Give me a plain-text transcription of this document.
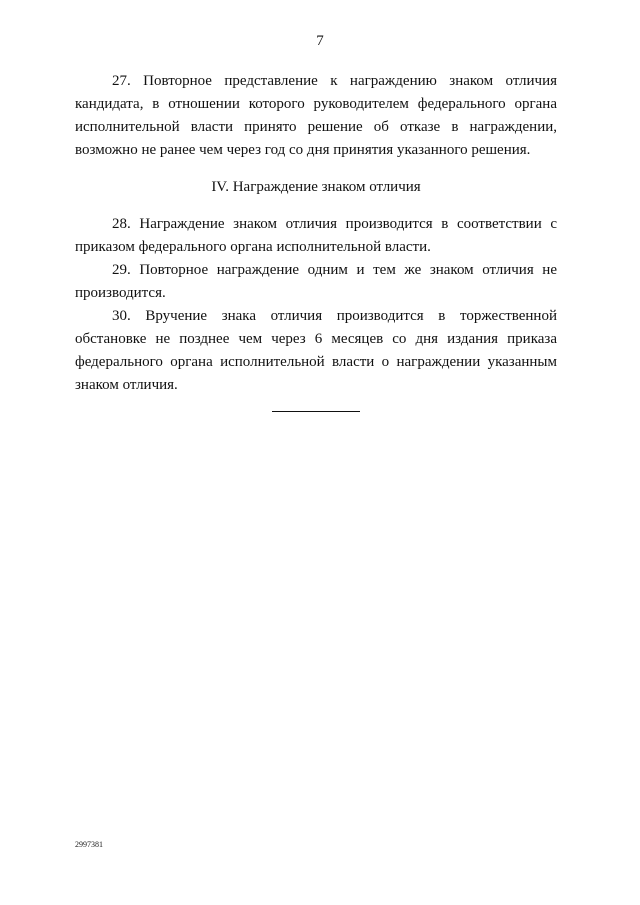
7

27. Повторное представление к награждению знаком отличия кандидата, в отношении которого руководителем федерального органа исполнительной власти принято решение об отказе в награждении, возможно не ранее чем через год со дня принятия указанного решения.

IV. Награждение знаком отличия

28. Награждение знаком отличия производится в соответствии с приказом федерального органа исполнительной власти.

29. Повторное награждение одним и тем же знаком отличия не производится.

30. Вручение знака отличия производится в торжественной обстановке не позднее чем через 6 месяцев со дня издания приказа федерального органа исполнительной власти о награждении указанным знаком отличия.

2997381
